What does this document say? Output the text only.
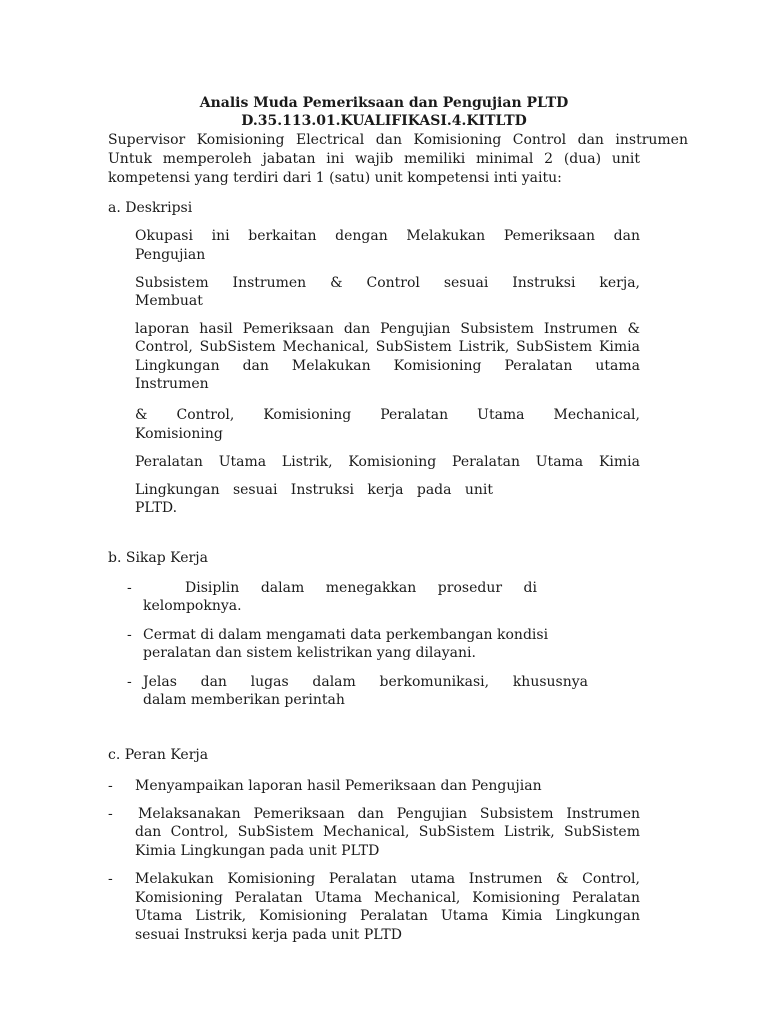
Analis Muda Pemeriksaan dan Pengujian PLTD

D.35.113.01.KUALIFIKASI.4.KITLTD

Supervisor Komisioning Electrical dan Komisioning Control dan instrumen

Untuk memperoleh jabatan ini wajib memiliki minimal 2 (dua) unit

kompetensi yang terdiri dari 1 (satu) unit kompetensi inti yaitu:

a. Deskripsi

Okupasi ini berkaitan dengan Melakukan Pemeriksaan dan

Pengujian

Subsistem Instrumen & Control sesuai Instruksi kerja,

Membuat

laporan hasil Pemeriksaan dan Pengujian Subsistem Instrumen &

Control, SubSistem Mechanical, SubSistem Listrik, SubSistem Kimia

Lingkungan dan Melakukan Komisioning Peralatan utama

Instrumen

& Control, Komisioning Peralatan Utama Mechanical,

Komisioning

Peralatan Utama Listrik, Komisioning Peralatan Utama Kimia

Lingkungan sesuai Instruksi kerja pada unit

PLTD.

b. Sikap Kerja

-	Disiplin dalam menegakkan prosedur di

kelompoknya.

- Cermat di dalam mengamati data perkembangan kondisi

peralatan dan sistem kelistrikan yang dilayani.

- Jelas dan lugas dalam berkomunikasi, khususnya

dalam memberikan perintah

c. Peran Kerja

- Menyampaikan laporan hasil Pemeriksaan dan Pengujian

- Melaksanakan Pemeriksaan dan Pengujian Subsistem Instrumen

dan Control, SubSistem Mechanical, SubSistem Listrik, SubSistem

Kimia Lingkungan pada unit PLTD

- Melakukan Komisioning Peralatan utama Instrumen & Control,

Komisioning Peralatan Utama Mechanical, Komisioning Peralatan

Utama Listrik, Komisioning Peralatan Utama Kimia Lingkungan

sesuai Instruksi kerja pada unit PLTD
